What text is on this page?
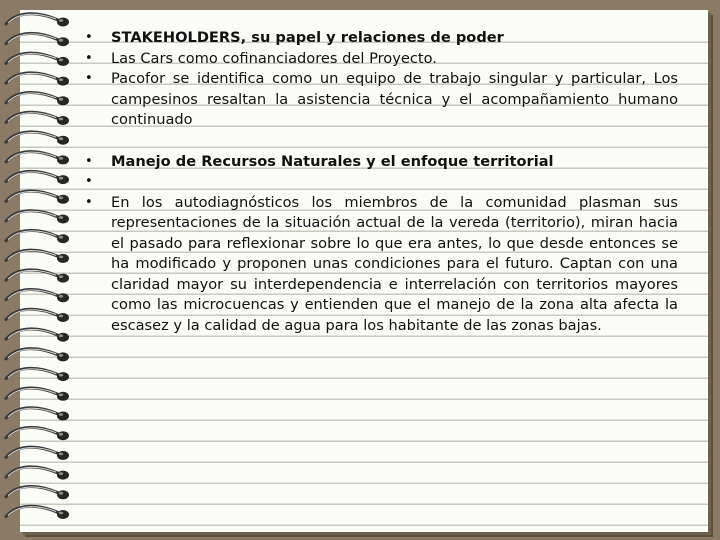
•	STAKEHOLDERS, su papel y relaciones de poder
•	Las Cars como cofinanciadores del Proyecto.
•	Pacofor se identifica como un equipo de trabajo singular y particular, Los campesinos resaltan la asistencia técnica y el acompañamiento humano continuado
•	Manejo de Recursos Naturales y el enfoque territorial
•
•	En los autodiagnósticos los miembros de la comunidad plasman sus representaciones de la situación actual de la vereda (territorio), miran hacia el pasado para reflexionar sobre lo que era antes, lo que desde entonces se ha modificado y proponen unas condiciones para el futuro. Captan con una claridad mayor su interdependencia e interrelación con territorios mayores como las microcuencas y entienden que el manejo de la zona alta afecta la escasez y la calidad de agua para los habitante de las zonas bajas.
